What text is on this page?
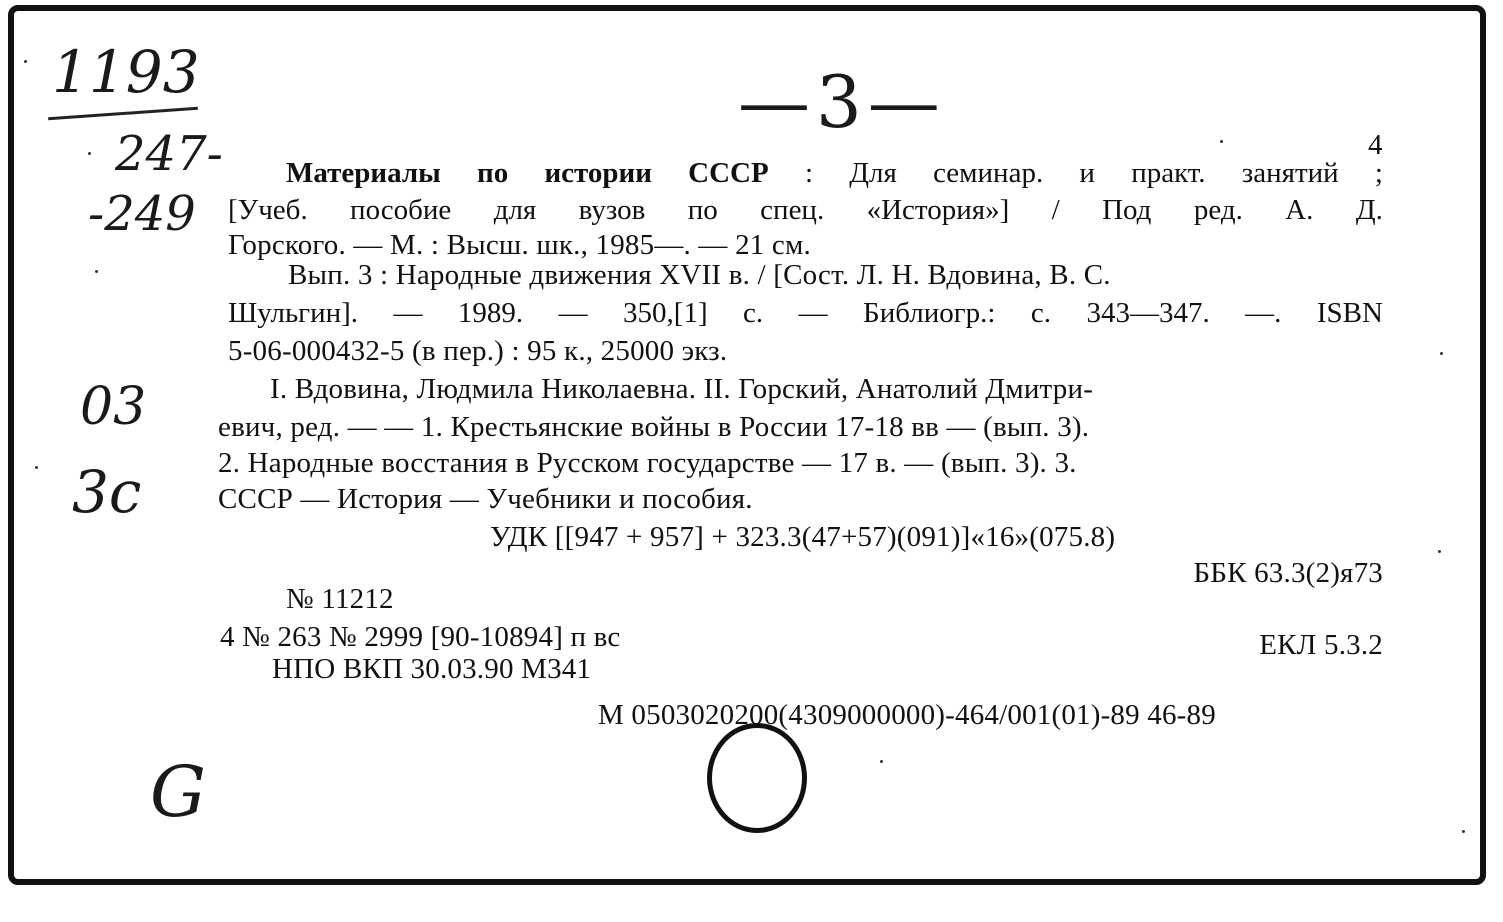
1193
247-
-249
—3—
03
3c
G
4
Материалы по истории СССР : Для семинар. и практ. занятий ;
[Учеб. пособие для вузов по спец. «История»] / Под ред. А. Д.
Горского. — М. : Высш. шк., 1985—. — 21 см.
Вып. 3 : Народные движения XVII в. / [Сост. Л. Н. Вдовина, В. С.
Шульгин]. — 1989. — 350,[1] с. — Библиогр.: с. 343—347. —. ISBN
5-06-000432-5 (в пер.) : 95 к., 25000 экз.
I. Вдовина, Людмила Николаевна. II. Горский, Анатолий Дмитри-
евич, ред. — — 1. Крестьянские войны в России 17-18 вв — (вып. 3).
2. Народные восстания в Русском государстве — 17 в. — (вып. 3). 3.
СССР — История — Учебники и пособия.
УДК [[947 + 957] + 323.3(47+57)(091)]«16»(075.8)
ББК 63.3(2)я73
№ 11212
4 № 263 № 2999 [90-10894] п вс	ЕКЛ 5.3.2
НПО ВКП 30.03.90 М341
М 0503020200(4309000000)-464/001(01)-89 46-89
